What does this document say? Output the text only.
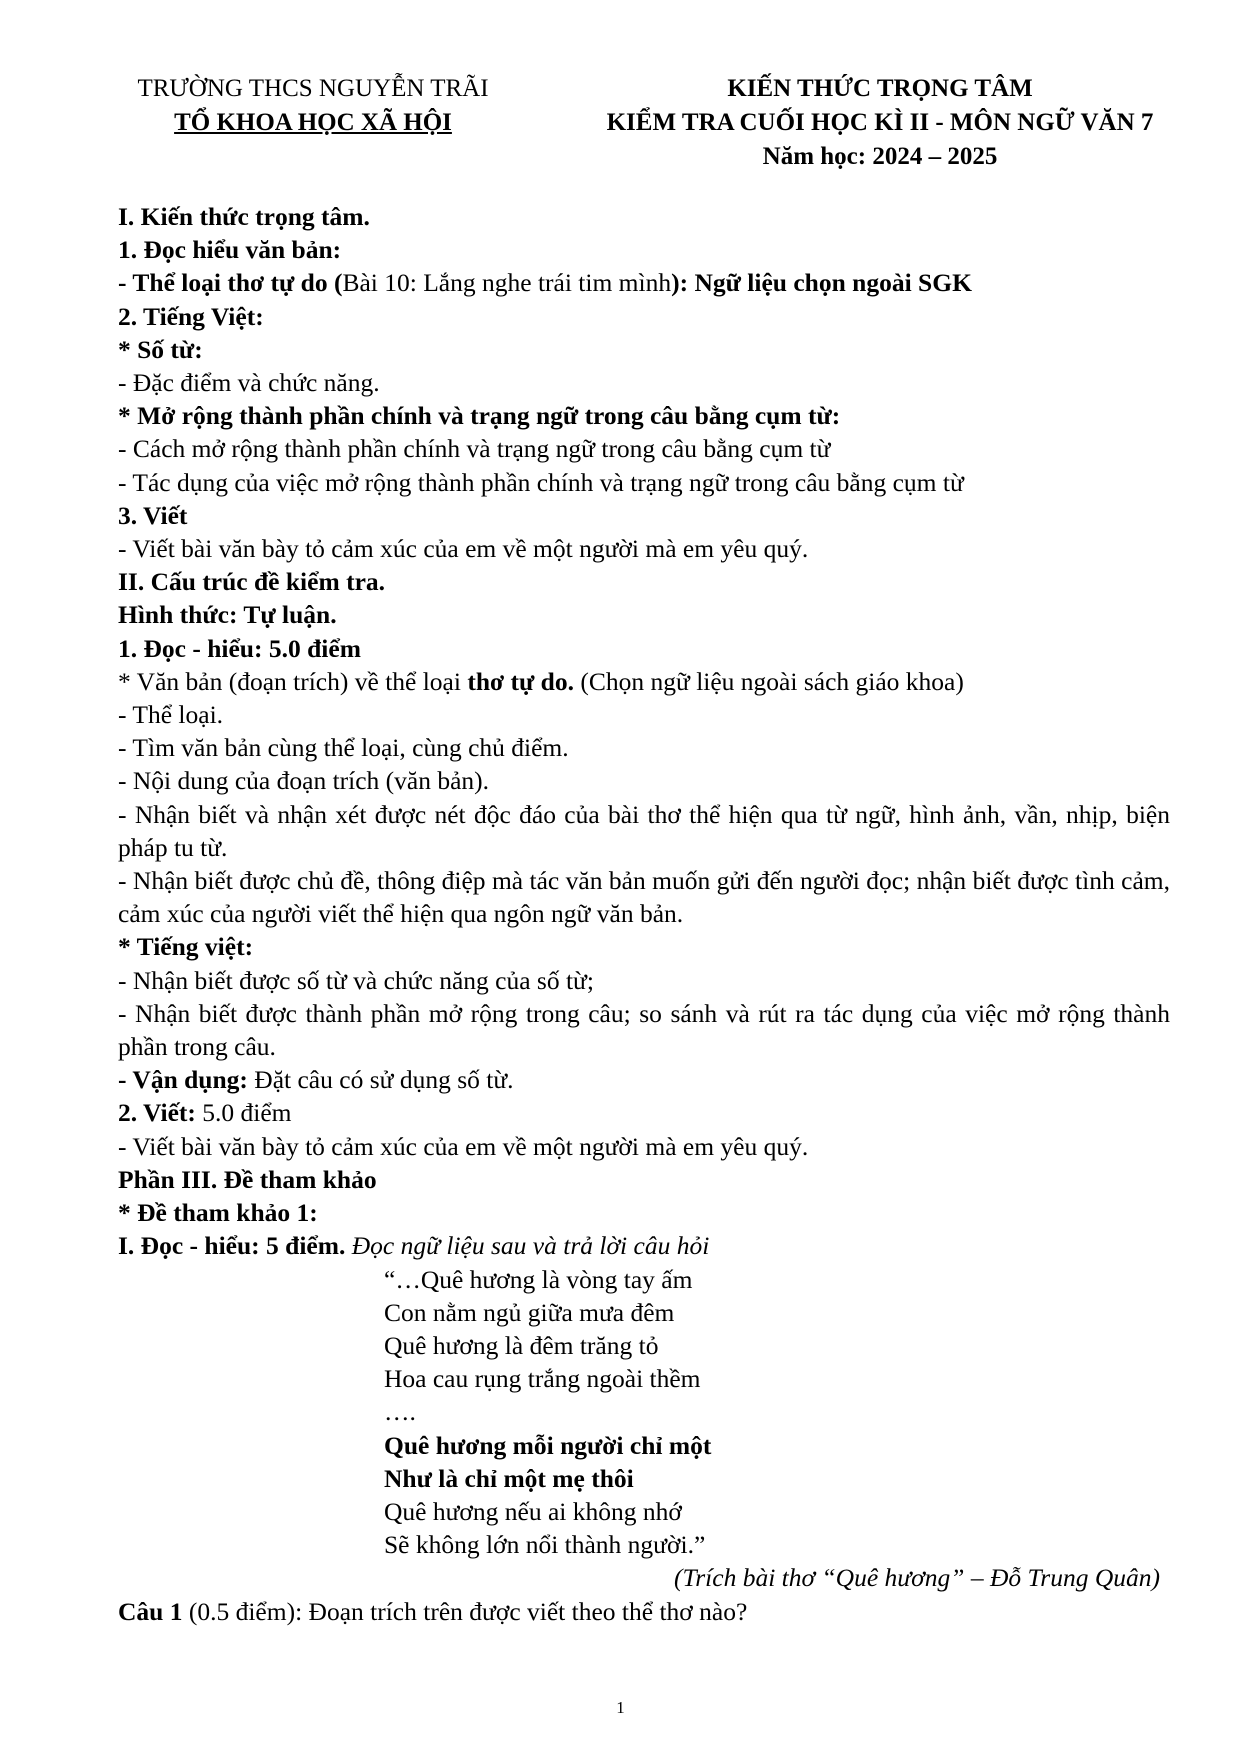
TRƯỜNG THCS NGUYỄN TRÃI
TỔ KHOA HỌC XÃ HỘI
KIẾN THỨC TRỌNG TÂM
KIỂM TRA CUỐI HỌC KÌ II - MÔN NGỮ VĂN 7
Năm học: 2024 – 2025

I. Kiến thức trọng tâm.

1. Đọc hiểu văn bản:

- Thể loại thơ tự do (Bài 10: Lắng nghe trái tim mình): Ngữ liệu chọn ngoài SGK

2. Tiếng Việt:

* Số từ:

- Đặc điểm và chức năng.

* Mở rộng thành phần chính và trạng ngữ trong câu bằng cụm từ:

- Cách mở rộng thành phần chính và trạng ngữ trong câu bằng cụm từ

- Tác dụng của việc mở rộng thành phần chính và trạng ngữ trong câu bằng cụm từ

3. Viết

- Viết bài văn bày tỏ cảm xúc của em về một người mà em yêu quý.

II. Cấu trúc đề kiểm tra.

Hình thức: Tự luận.

1. Đọc - hiểu: 5.0 điểm

* Văn bản (đoạn trích) về thể loại thơ tự do. (Chọn ngữ liệu ngoài sách giáo khoa)

- Thể loại.

- Tìm văn bản cùng thể loại, cùng chủ điểm.

- Nội dung của đoạn trích (văn bản).

- Nhận biết và nhận xét được nét độc đáo của bài thơ thể hiện qua từ ngữ, hình ảnh, vần, nhịp, biện pháp tu từ.

- Nhận biết được chủ đề, thông điệp mà tác văn bản muốn gửi đến người đọc; nhận biết được tình cảm, cảm xúc của người viết thể hiện qua ngôn ngữ văn bản.

* Tiếng việt:

- Nhận biết được số từ và chức năng của số từ;

- Nhận biết được thành phần mở rộng trong câu; so sánh và rút ra tác dụng của việc mở rộng thành phần trong câu.

- Vận dụng: Đặt câu có sử dụng số từ.

2. Viết: 5.0 điểm

- Viết bài văn bày tỏ cảm xúc của em về một người mà em yêu quý.

Phần III. Đề tham khảo

* Đề tham khảo 1:

I. Đọc - hiểu: 5 điểm. Đọc ngữ liệu sau và trả lời câu hỏi

“…Quê hương là vòng tay ấm

Con nằm ngủ giữa mưa đêm

Quê hương là đêm trăng tỏ

Hoa cau rụng trắng ngoài thềm

….

Quê hương mỗi người chỉ một

Như là chỉ một mẹ thôi

Quê hương nếu ai không nhớ

Sẽ không lớn nổi thành người.”

(Trích bài thơ “Quê hương” – Đỗ Trung Quân)

Câu 1 (0.5 điểm): Đoạn trích trên được viết theo thể thơ nào?

1
